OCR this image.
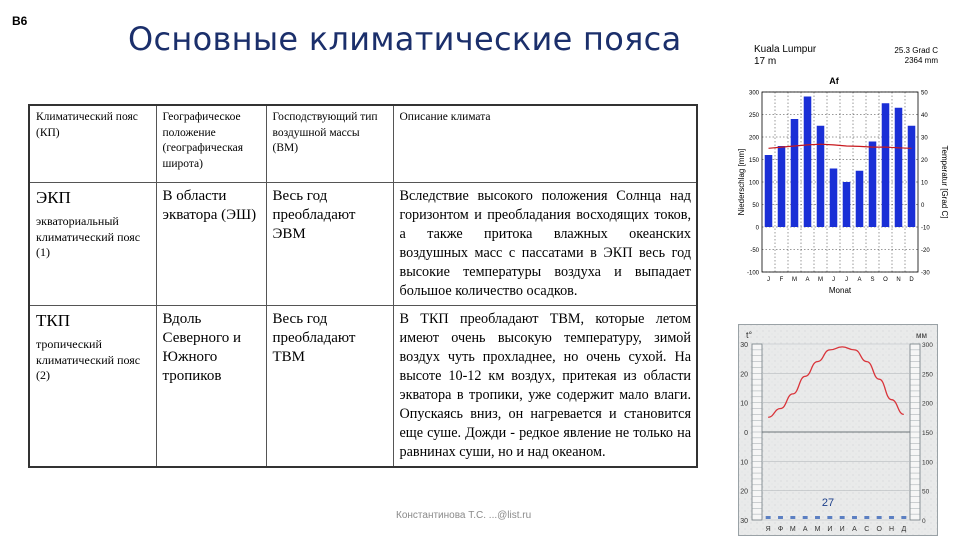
B6	Основные климатические пояса
Климатический пояс (КП)	Географическое положение (географическая широта)	Господствующий тип воздушной массы (ВМ)	Описание климата

ЭКП
экваториальный климатический пояс (1)	В области экватора (ЭШ)	Весь год преобладают ЭВМ	Вследствие высокого положения Солнца над горизонтом и преобладания восходящих токов, а также притока влажных океанских воздушных масс с пассатами в ЭКП весь год высокие температуры воздуха и выпадает большое количество осадков.

ТКП
тропический климатический пояс (2)	Вдоль Северного и Южного тропиков	Весь год преобладают ТВМ	В ТКП преобладают ТВМ, которые летом имеют очень высокую температуру, зимой воздух чуть прохладнее, но очень сухой. На высоте 10-12 км воздух, притекая из области экватора в тропики, уже содержит мало влаги. Опускаясь вниз, он нагревается и становится еще суше. Дожди - редкое явление не только на равнинах суши, но и над океаном.
Kuala Lumpur
17 m
25.3 Grad C
2364 mm
Af
300
250
200
150
100
50
0
-50
-100
50
40
30
20
10
0
-10
-20
-30
J F M A M J J A S O N D
Monat
Niederschlag [mm]	Temperatur [Grad C]
Я Ф М А М И И А С О Н Д
30
20
10
0
10
20
30
300
250
200
150
100
50
0
t°	мм
27
Константинова Т.С. ...@list.ru
